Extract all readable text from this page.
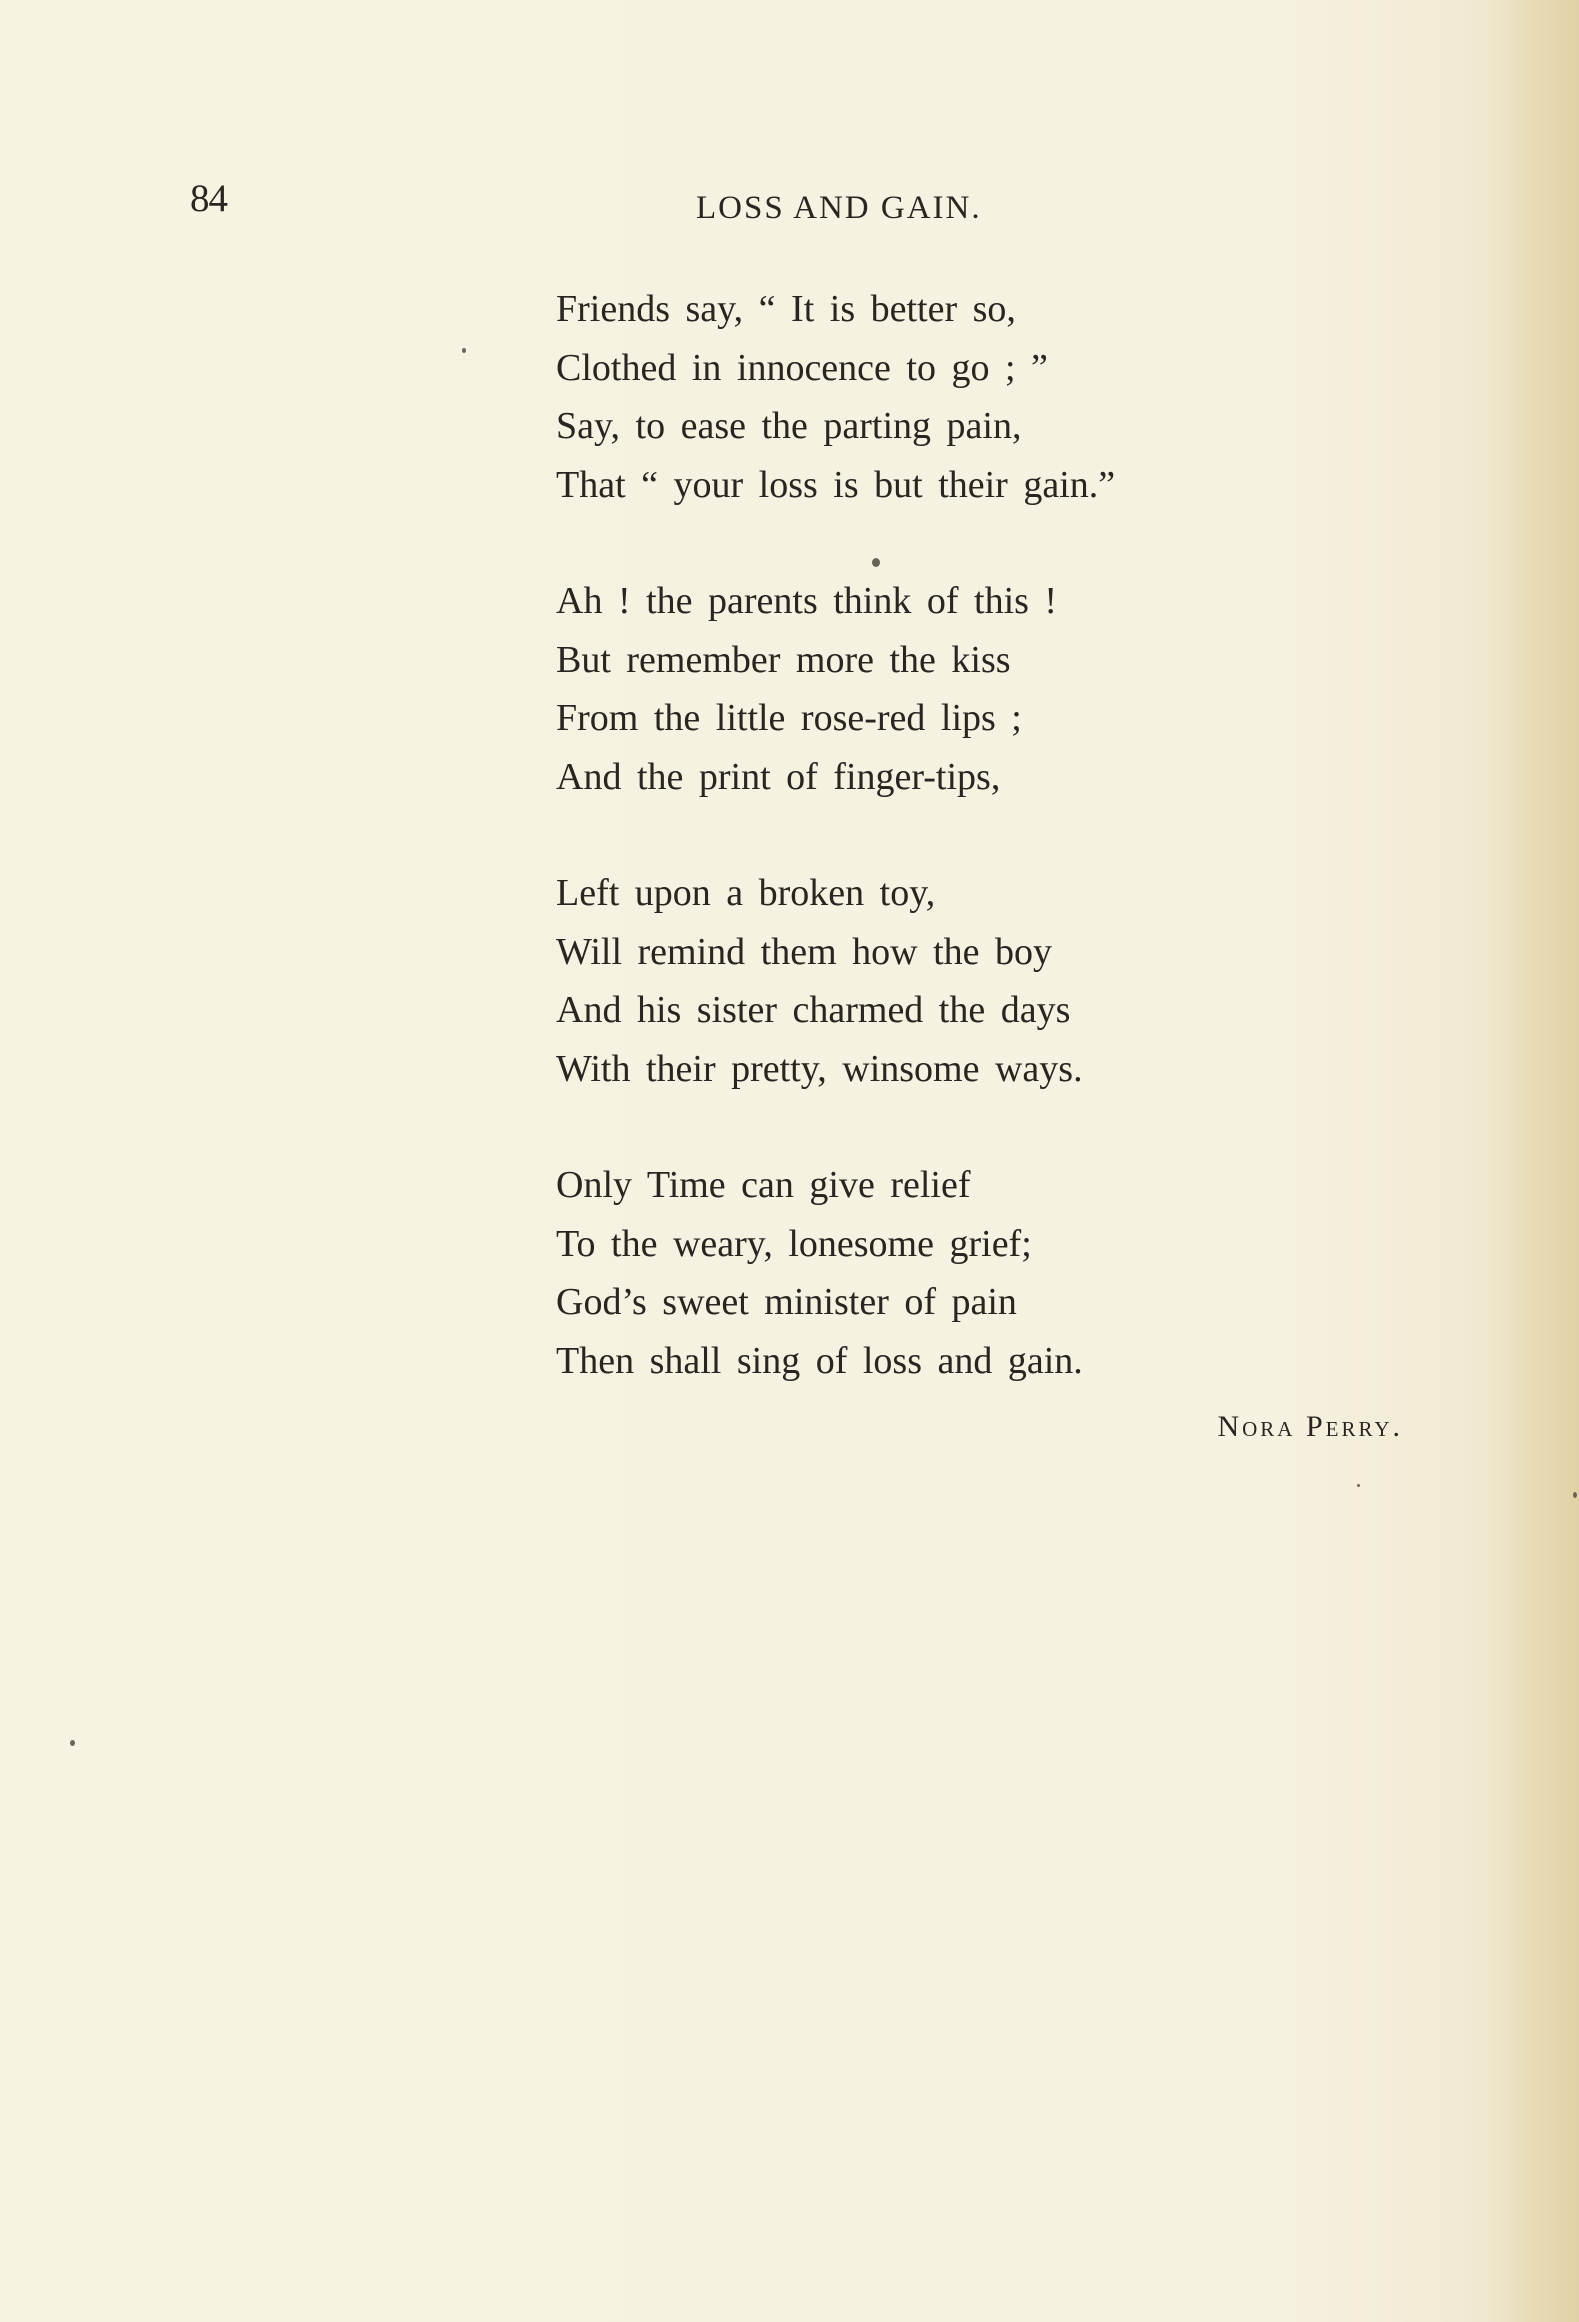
84	LOSS AND GAIN.
Friends say, “ It is better so,
Clothed in innocence to go ; ”
Say, to ease the parting pain,
That “ your loss is but their gain.”
Ah ! the parents think of this !
But remember more the kiss
From the little rose-red lips ;
And the print of finger-tips,
Left upon a broken toy,
Will remind them how the boy
And his sister charmed the days
With their pretty, winsome ways.
Only Time can give relief
To the weary, lonesome grief;
God’s sweet minister of pain
Then shall sing of loss and gain.
Nora Perry.
